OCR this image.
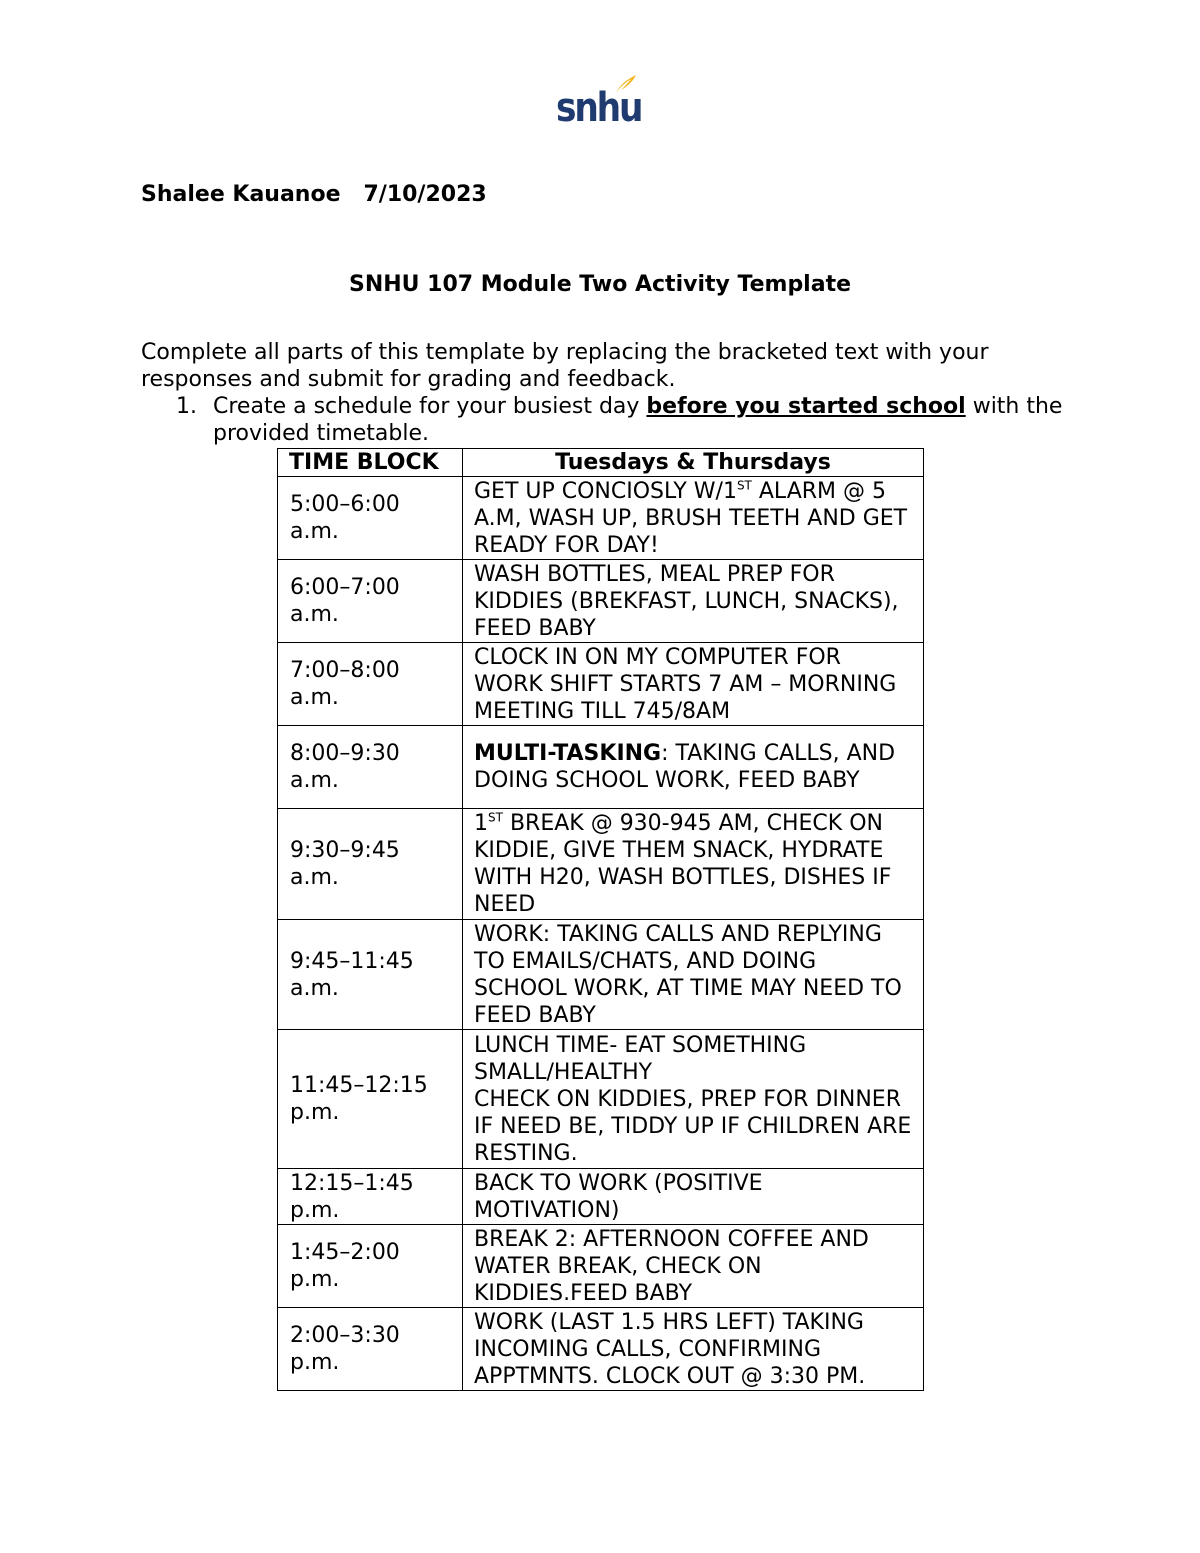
snhu

Shalee Kauanoe   7/10/2023

SNHU 107 Module Two Activity Template

Complete all parts of this template by replacing the bracketed text with your responses and submit for grading and feedback.

1. Create a schedule for your busiest day before you started school with the provided timetable.
TIME BLOCK	Tuesdays & Thursdays
5:00–6:00 a.m.	GET UP CONCIOSLY W/1ST ALARM @ 5 A.M, WASH UP, BRUSH TEETH AND GET READY FOR DAY!
6:00–7:00 a.m.	WASH BOTTLES, MEAL PREP FOR KIDDIES (BREKFAST, LUNCH, SNACKS), FEED BABY
7:00–8:00 a.m.	CLOCK IN ON MY COMPUTER FOR WORK SHIFT STARTS 7 AM – MORNING MEETING TILL 745/8AM
8:00–9:30 a.m.	MULTI-TASKING: TAKING CALLS, AND DOING SCHOOL WORK, FEED BABY
9:30–9:45 a.m.	1ST BREAK @ 930-945 AM, CHECK ON KIDDIE, GIVE THEM SNACK, HYDRATE WITH H20, WASH BOTTLES, DISHES IF NEED
9:45–11:45 a.m.	WORK: TAKING CALLS AND REPLYING TO EMAILS/CHATS, AND DOING SCHOOL WORK, AT TIME MAY NEED TO FEED BABY
11:45–12:15 p.m.	LUNCH TIME- EAT SOMETHING SMALL/HEALTHY
CHECK ON KIDDIES, PREP FOR DINNER IF NEED BE, TIDDY UP IF CHILDREN ARE RESTING.

12:15–1:45 p.m.	BACK TO WORK (POSITIVE MOTIVATION)
1:45–2:00 p.m.	BREAK 2: AFTERNOON COFFEE AND WATER BREAK, CHECK ON KIDDIES.FEED BABY
2:00–3:30 p.m.	WORK (LAST 1.5 HRS LEFT) TAKING INCOMING CALLS, CONFIRMING APPTMNTS. CLOCK OUT @ 3:30 PM.
